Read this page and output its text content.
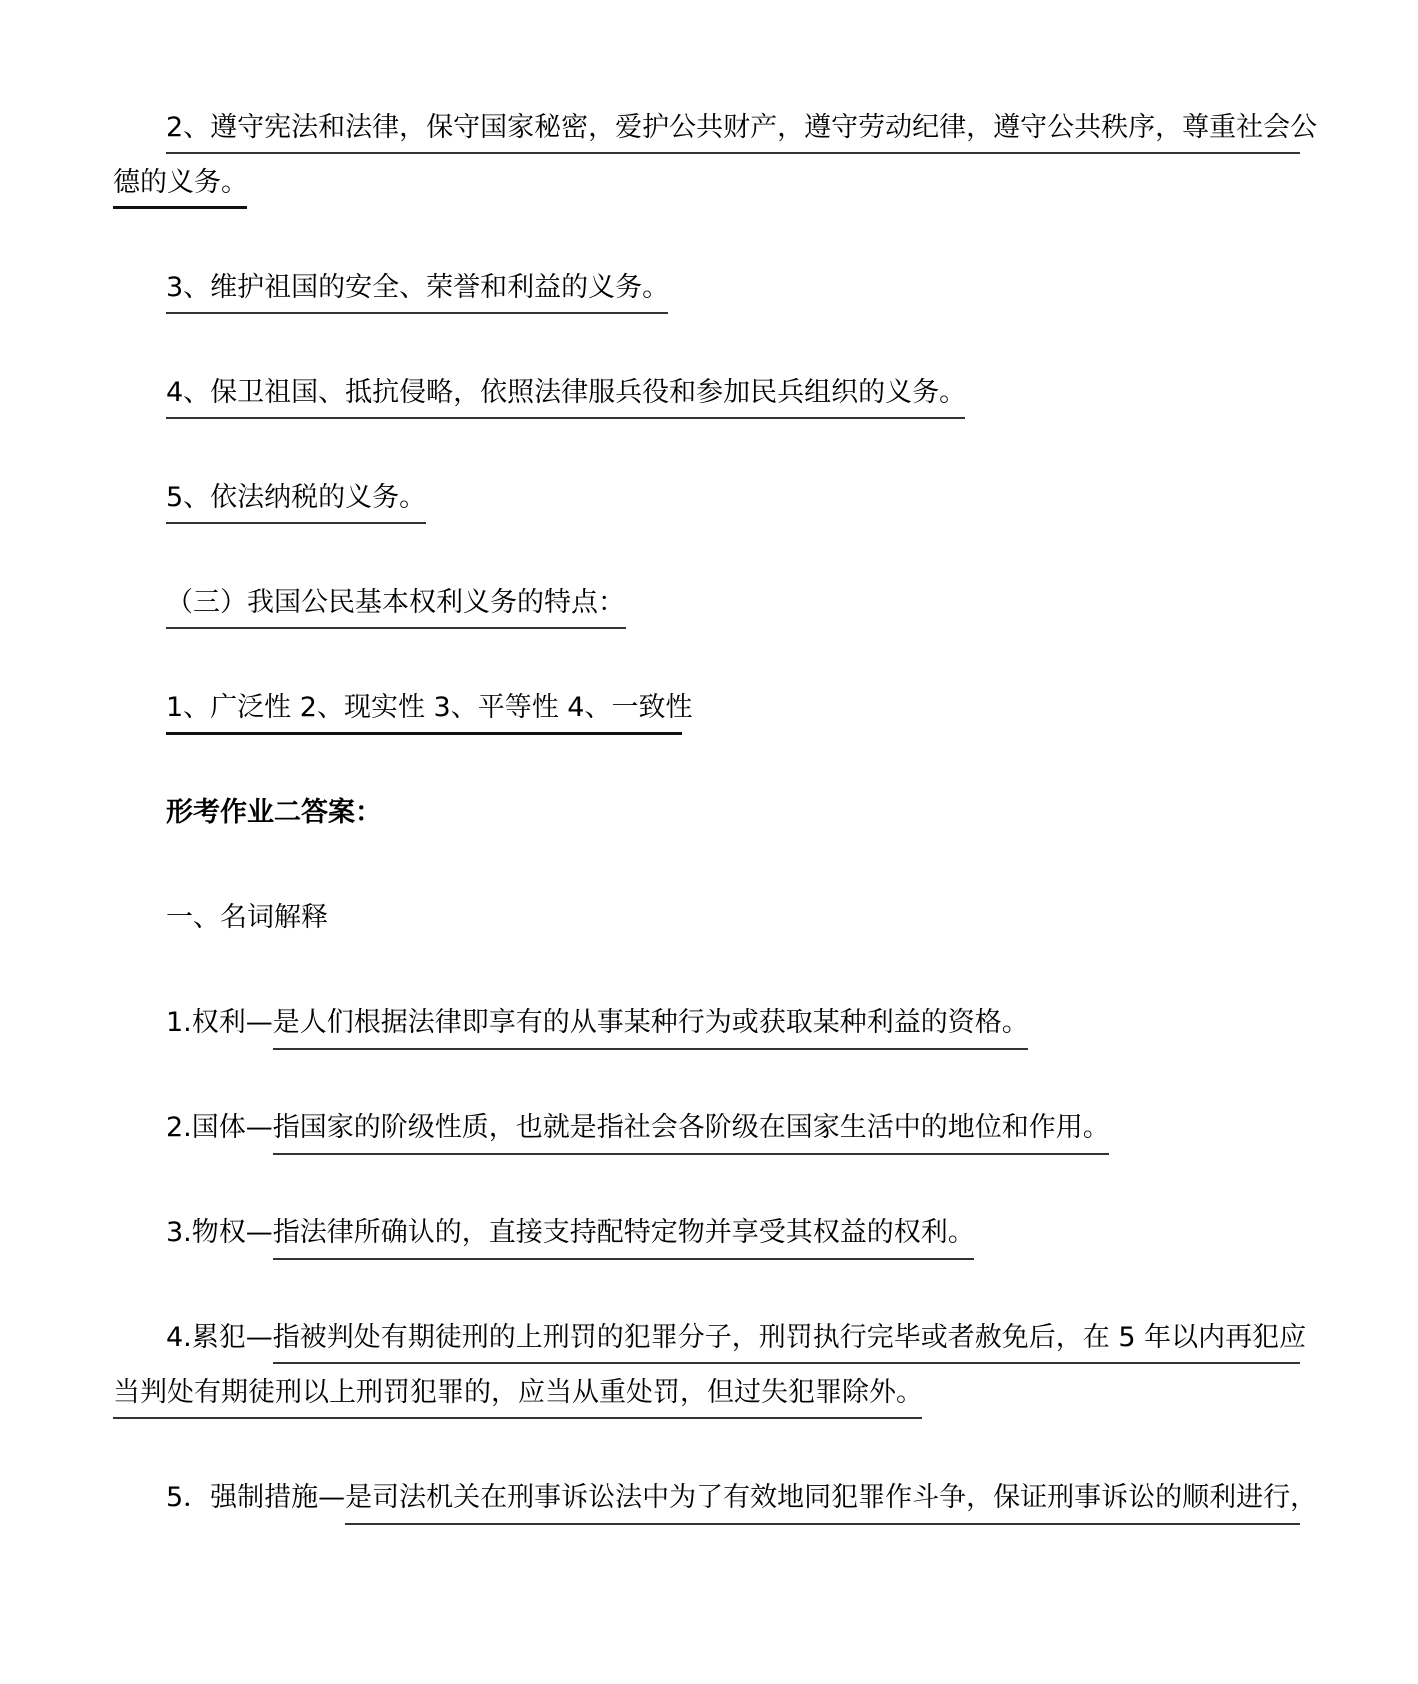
2、遵守宪法和法律，保守国家秘密，爱护公共财产，遵守劳动纪律，遵守公共秩序，尊重社会公
德的义务。
3、维护祖国的安全、荣誉和利益的义务。
4、保卫祖国、抵抗侵略，依照法律服兵役和参加民兵组织的义务。
5、依法纳税的义务。
（三）我国公民基本权利义务的特点：
1、广泛性 2、现实性 3、平等性 4、一致性
形考作业二答案：
一、名词解释
1.权利—是人们根据法律即享有的从事某种行为或获取某种利益的资格。
2.国体—指国家的阶级性质，也就是指社会各阶级在国家生活中的地位和作用。
3.物权—指法律所确认的，直接支持配特定物并享受其权益的权利。
4.累犯—指被判处有期徒刑的上刑罚的犯罪分子，刑罚执行完毕或者赦免后，在 5 年以内再犯应
当判处有期徒刑以上刑罚犯罪的，应当从重处罚，但过失犯罪除外。
5．强制措施—是司法机关在刑事诉讼法中为了有效地同犯罪作斗争，保证刑事诉讼的顺利进行，
